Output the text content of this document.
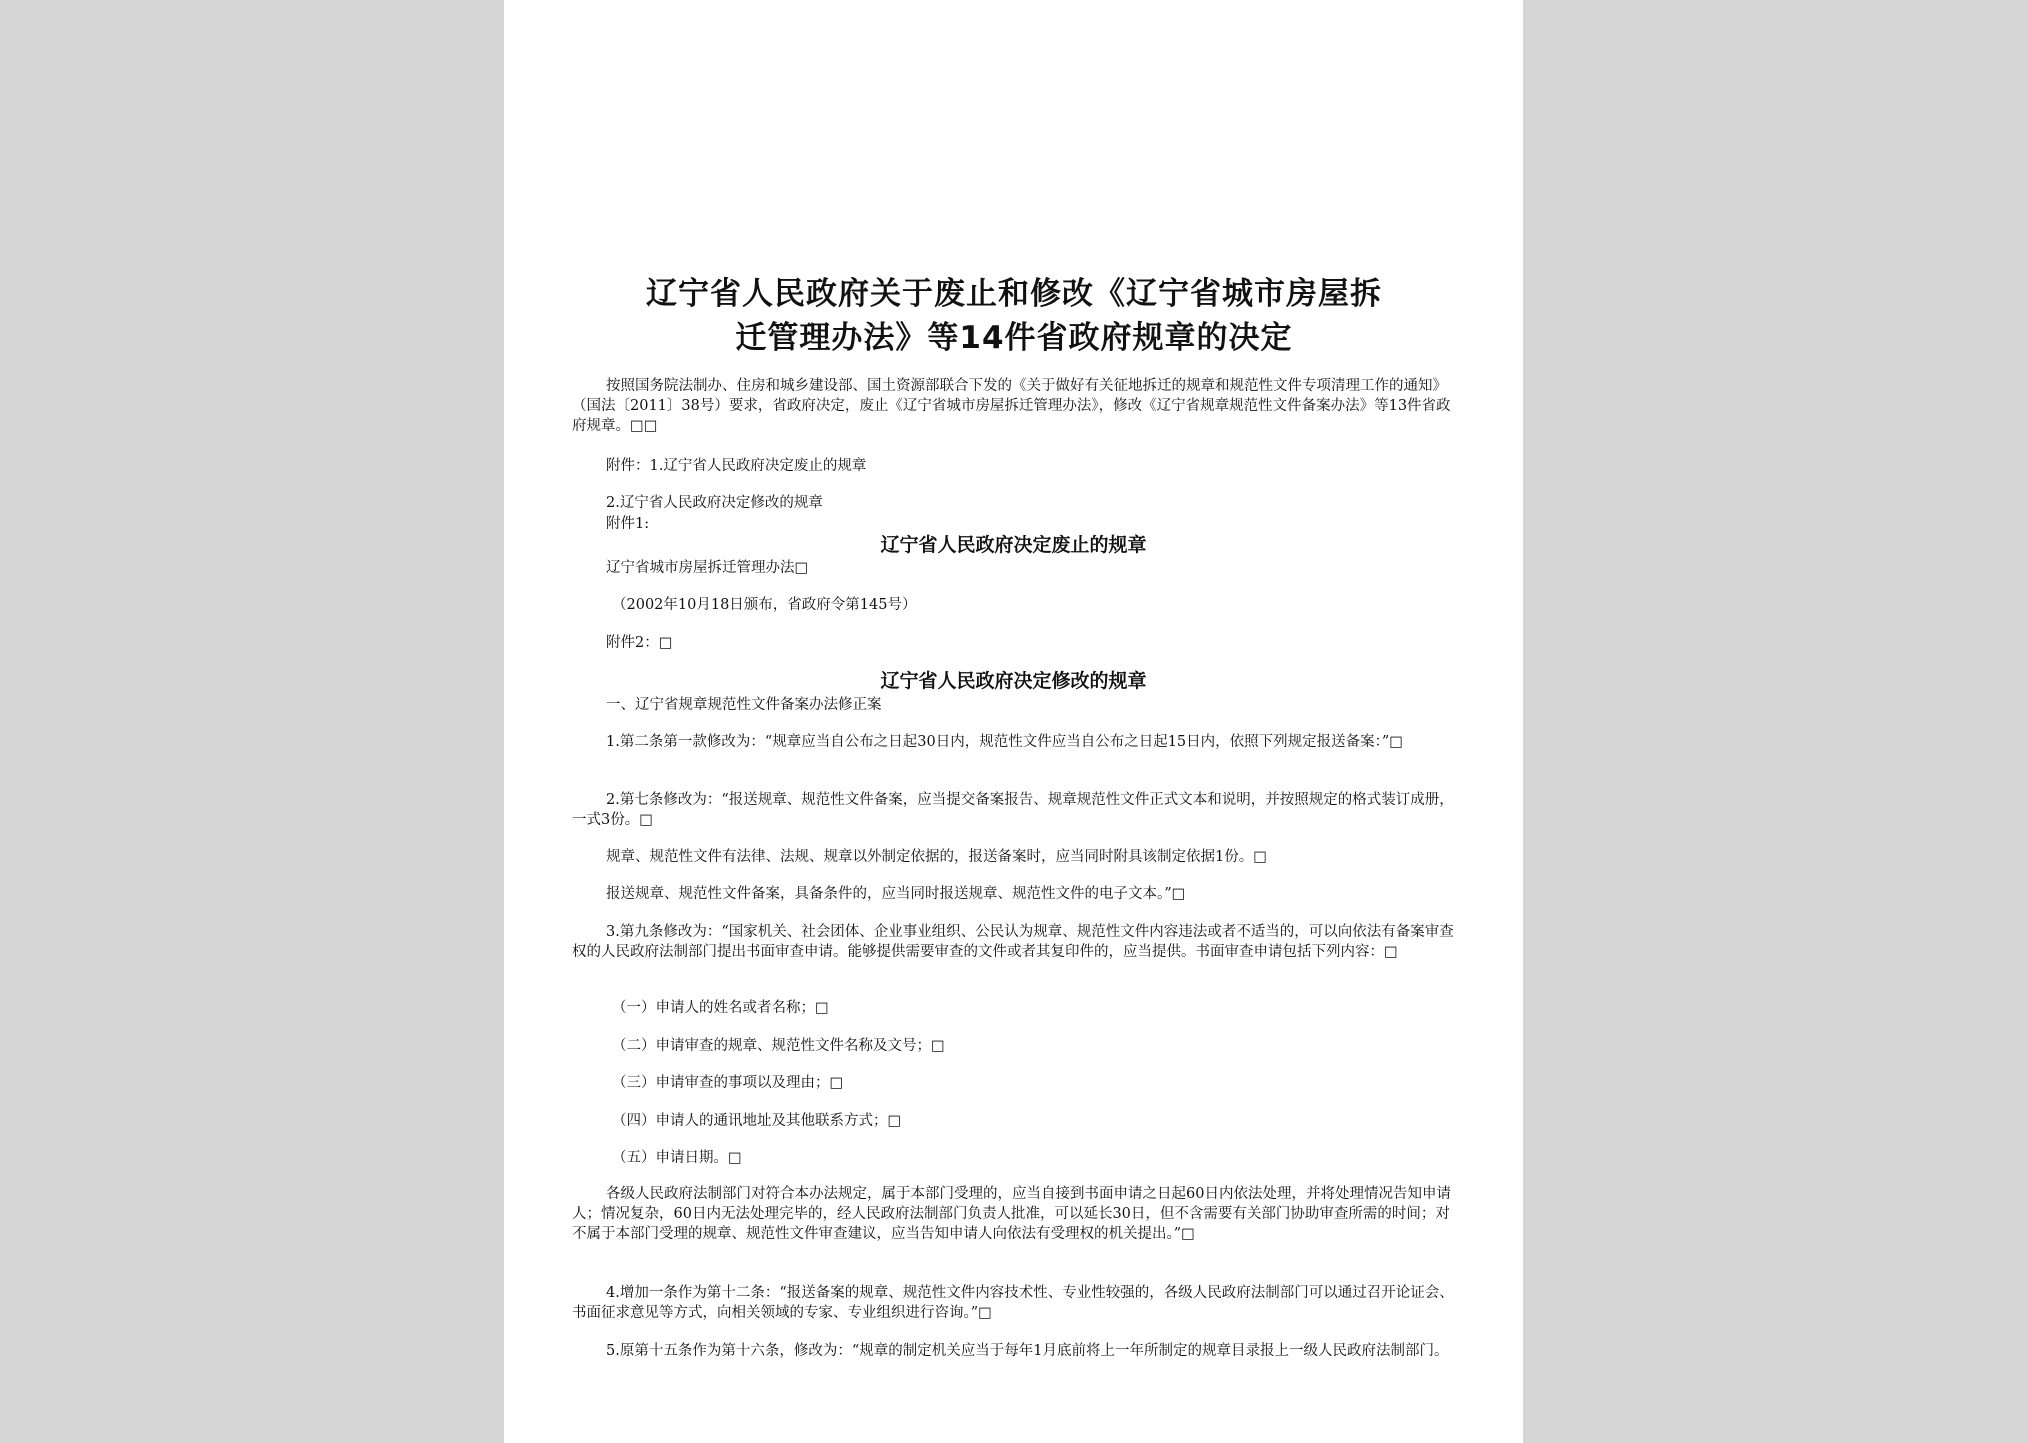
辽宁省人民政府关于废止和修改《辽宁省城市房屋拆
迁管理办法》等14件省政府规章的决定

按照国务院法制办、住房和城乡建设部、国土资源部联合下发的《关于做好有关征地拆迁的规章和规范性文件专项清理工作的通知》（国法〔2011〕38号）要求，省政府决定，废止《辽宁省城市房屋拆迁管理办法》，修改《辽宁省规章规范性文件备案办法》等13件省政府规章。□□

附件：1.辽宁省人民政府决定废止的规章

2.辽宁省人民政府决定修改的规章

附件1:

辽宁省人民政府决定废止的规章

辽宁省城市房屋拆迁管理办法□

（2002年10月18日颁布，省政府令第145号）

附件2：□

辽宁省人民政府决定修改的规章

一、辽宁省规章规范性文件备案办法修正案

1.第二条第一款修改为：“规章应当自公布之日起30日内，规范性文件应当自公布之日起15日内，依照下列规定报送备案：”□

2.第七条修改为：“报送规章、规范性文件备案，应当提交备案报告、规章规范性文件正式文本和说明，并按照规定的格式装订成册，一式3份。□

规章、规范性文件有法律、法规、规章以外制定依据的，报送备案时，应当同时附具该制定依据1份。□

报送规章、规范性文件备案，具备条件的，应当同时报送规章、规范性文件的电子文本。”□

3.第九条修改为：“国家机关、社会团体、企业事业组织、公民认为规章、规范性文件内容违法或者不适当的，可以向依法有备案审查权的人民政府法制部门提出书面审查申请。能够提供需要审查的文件或者其复印件的，应当提供。书面审查申请包括下列内容：□

（一）申请人的姓名或者名称；□

（二）申请审查的规章、规范性文件名称及文号；□

（三）申请审查的事项以及理由；□

（四）申请人的通讯地址及其他联系方式；□

（五）申请日期。□

各级人民政府法制部门对符合本办法规定，属于本部门受理的，应当自接到书面申请之日起60日内依法处理，并将处理情况告知申请人；情况复杂，60日内无法处理完毕的，经人民政府法制部门负责人批准，可以延长30日，但不含需要有关部门协助审查所需的时间；对不属于本部门受理的规章、规范性文件审查建议，应当告知申请人向依法有受理权的机关提出。”□

4.增加一条作为第十二条：“报送备案的规章、规范性文件内容技术性、专业性较强的，各级人民政府法制部门可以通过召开论证会、书面征求意见等方式，向相关领域的专家、专业组织进行咨询。”□

5.原第十五条作为第十六条，修改为：“规章的制定机关应当于每年1月底前将上一年所制定的规章目录报上一级人民政府法制部门。
